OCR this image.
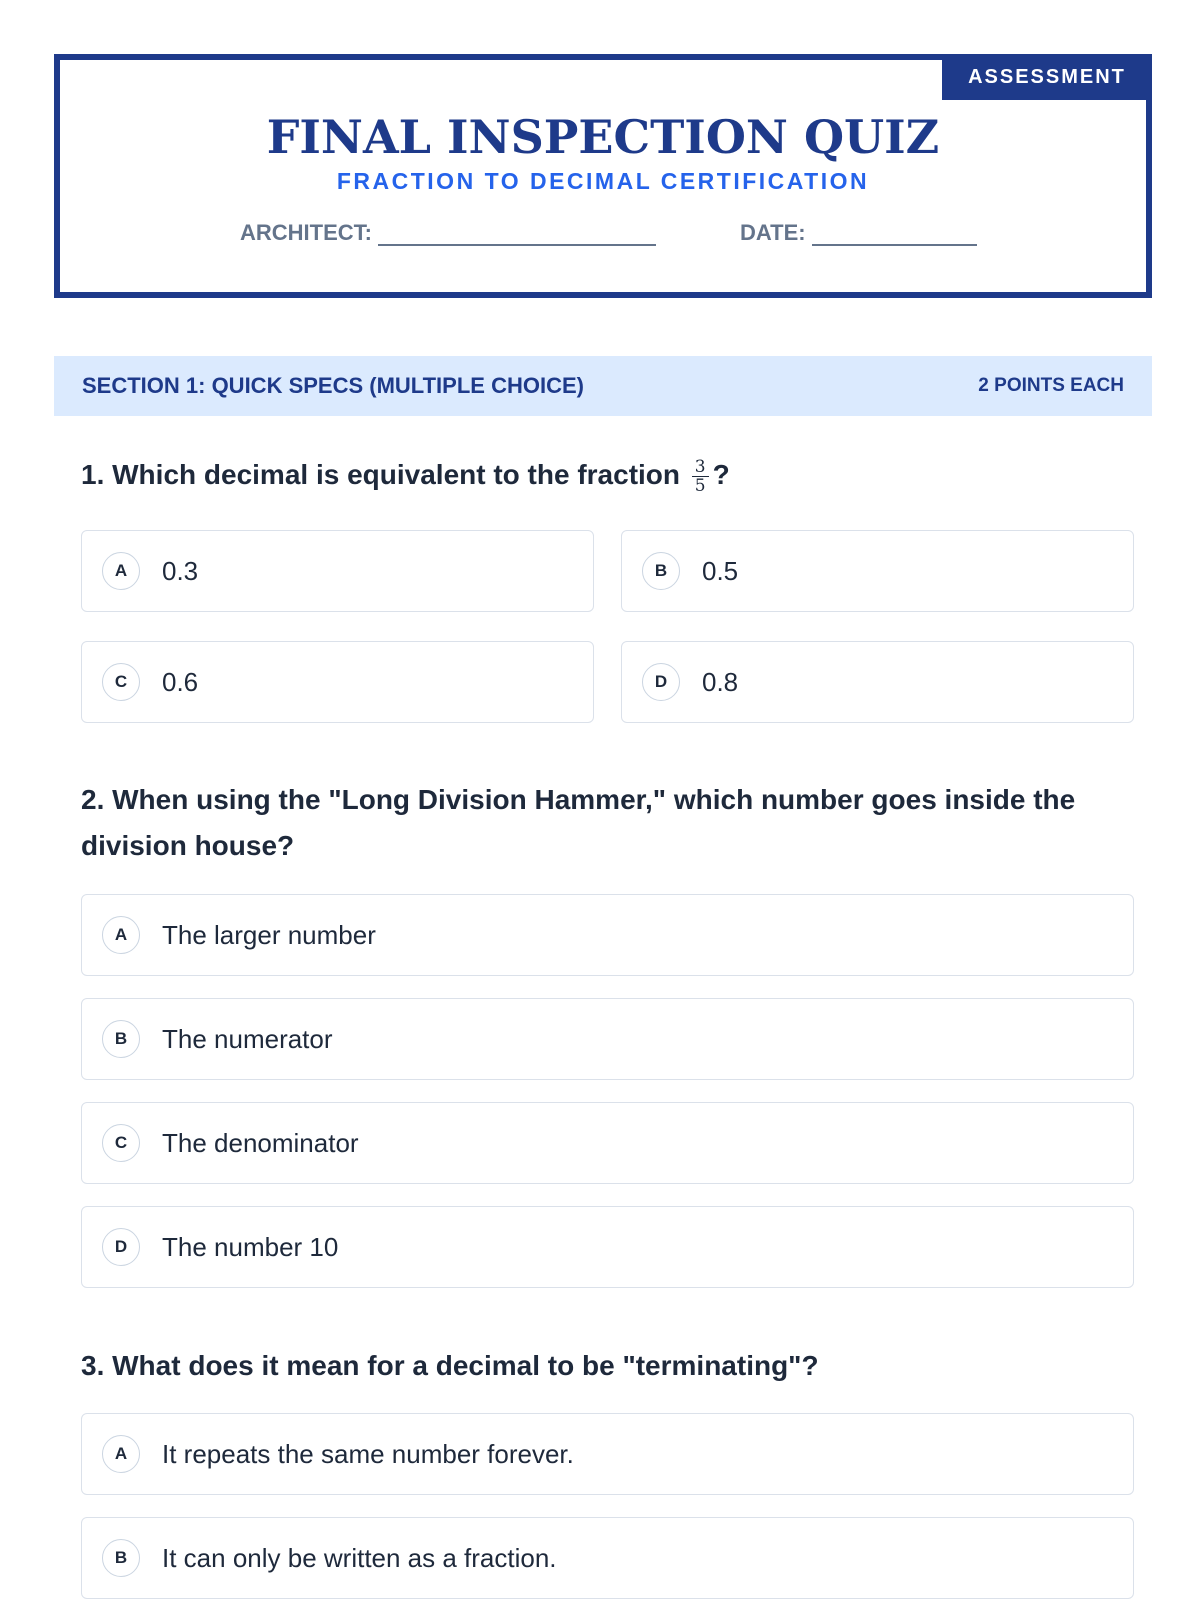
ASSESSMENT
FINAL INSPECTION QUIZ
FRACTION TO DECIMAL CERTIFICATION
ARCHITECT:	DATE:
SECTION 1: QUICK SPECS (MULTIPLE CHOICE)	2 POINTS EACH
1. Which decimal is equivalent to the fraction $\frac{3}{5}$ ?
A	0.3	B	0.5
C	0.6	D	0.8
2. When using the "Long Division Hammer," which number goes inside the division house?
A	The larger number
B	The numerator
C	The denominator
D	The number 10
3. What does it mean for a decimal to be "terminating"?
A	It repeats the same number forever.
B	It can only be written as a fraction.
